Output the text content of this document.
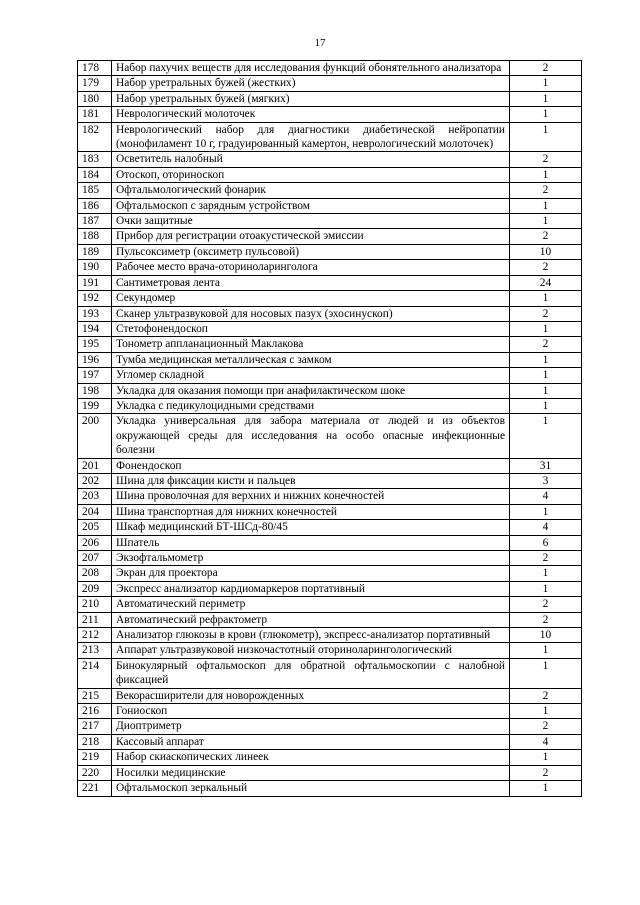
17
178	Набор пахучих веществ для исследования функций обонятельного анализатора	2
179	Набор уретральных бужей (жестких)	1
180	Набор уретральных бужей (мягких)	1
181	Неврологический молоточек	1
182	Неврологический набор для диагностики диабетической нейропатии (монофиламент 10 г, градуированный камертон, неврологический молоточек)	1
183	Осветитель налобный	2
184	Отоскоп, оториноскоп	1
185	Офтальмологический фонарик	2
186	Офтальмоскоп с зарядным устройством	1
187	Очки защитные	1
188	Прибор для регистрации отоакустической эмиссии	2
189	Пульсоксиметр (оксиметр пульсовой)	10
190	Рабочее место врача-оториноларинголога	2
191	Сантиметровая лента	24
192	Секундомер	1
193	Сканер ультразвуковой для носовых пазух (эхосинускоп)	2
194	Стетофонендоскоп	1
195	Тонометр аппланационный Маклакова	2
196	Тумба медицинская металлическая с замком	1
197	Угломер складной	1
198	Укладка для оказания помощи при анафилактическом шоке	1
199	Укладка с педикулоцидными средствами	1
200	Укладка универсальная для забора материала от людей и из объектов окружающей среды для исследования на особо опасные инфекционные болезни	1
201	Фонендоскоп	31
202	Шина для фиксации кисти и пальцев	3
203	Шина проволочная для верхних и нижних конечностей	4
204	Шина транспортная для нижних конечностей	1
205	Шкаф медицинский БТ-ШСд-80/45	4
206	Шпатель	6
207	Экзофтальмометр	2
208	Экран для проектора	1
209	Экспресс анализатор кардиомаркеров портативный	1
210	Автоматический периметр	2
211	Автоматический рефрактометр	2
212	Анализатор глюкозы в крови (глюкометр), экспресс-анализатор портативный	10
213	Аппарат ультразвуковой низкочастотный оториноларингологический	1
214	Бинокулярный офтальмоскоп для обратной офтальмоскопии с налобной фиксацией	1
215	Векорасширители для новорожденных	2
216	Гониоскоп	1
217	Диоптриметр	2
218	Кассовый аппарат	4
219	Набор скиаскопических линеек	1
220	Носилки медицинские	2
221	Офтальмоскоп зеркальный	1
